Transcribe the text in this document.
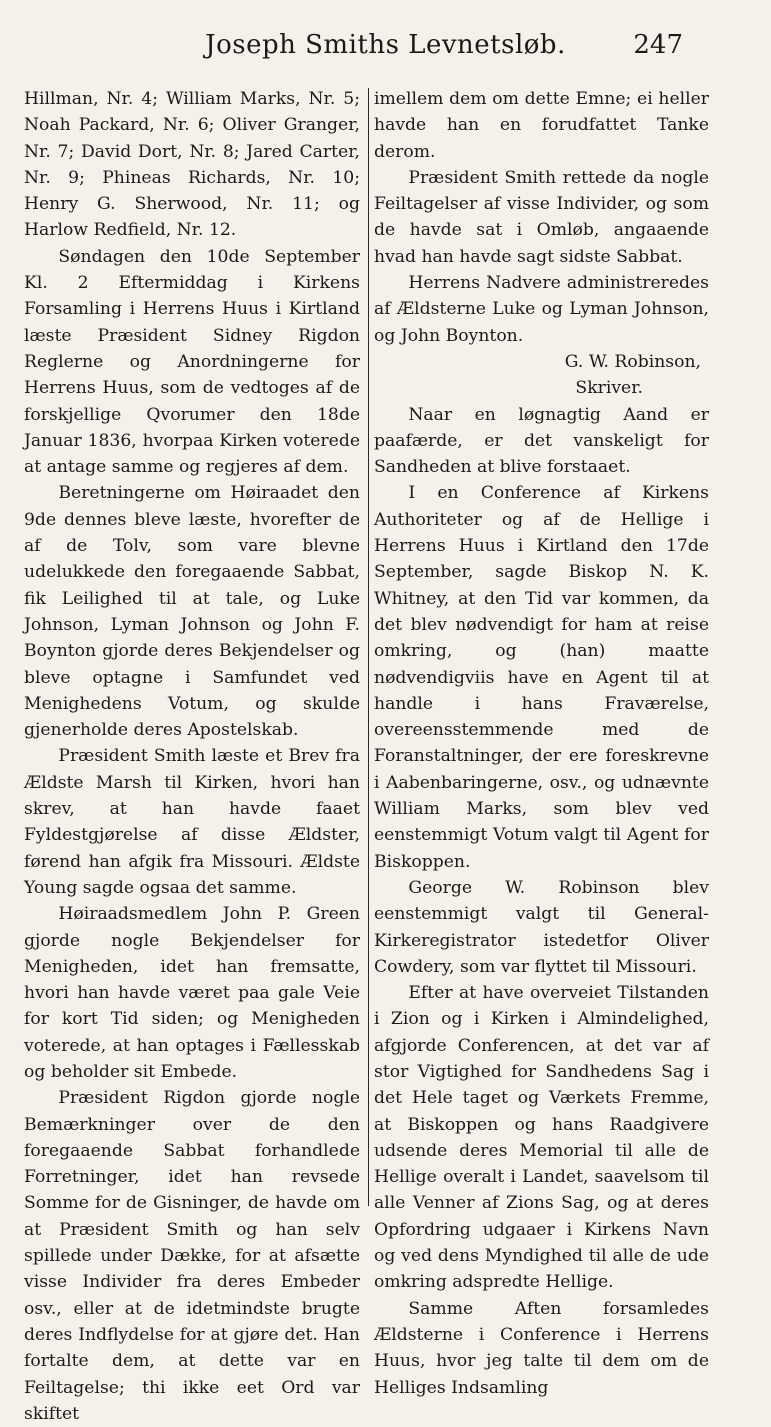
Joseph Smiths Levnetsløb.	247

Hillman, Nr. 4; William Marks, Nr. 5; Noah Packard, Nr. 6; Oliver Granger, Nr. 7; David Dort, Nr. 8; Jared Carter, Nr. 9; Phineas Richards, Nr. 10; Henry G. Sherwood, Nr. 11; og Harlow Redfield, Nr. 12.

Søndagen den 10de September Kl. 2 Eftermiddag i Kirkens Forsamling i Herrens Huus i Kirtland læste Præsident Sidney Rigdon Reglerne og Anordningerne for Herrens Huus, som de vedtoges af de forskjellige Qvorumer den 18de Januar 1836, hvorpaa Kirken voterede at antage samme og regjeres af dem.

Beretningerne om Høiraadet den 9de dennes bleve læste, hvorefter de af de Tolv, som vare blevne udelukkede den foregaaende Sabbat, fik Leilighed til at tale, og Luke Johnson, Lyman Johnson og John F. Boynton gjorde deres Bekjendelser og bleve optagne i Samfundet ved Menighedens Votum, og skulde gjenerholde deres Apostelskab.

Præsident Smith læste et Brev fra Ældste Marsh til Kirken, hvori han skrev, at han havde faaet Fyldestgjørelse af disse Ældster, førend han afgik fra Missouri. Ældste Young sagde ogsaa det samme.

Høiraadsmedlem John P. Green gjorde nogle Bekjendelser for Menigheden, idet han fremsatte, hvori han havde været paa gale Veie for kort Tid siden; og Menigheden voterede, at han optages i Fællesskab og beholder sit Embede.

Præsident Rigdon gjorde nogle Bemærkninger over de den foregaaende Sabbat forhandlede Forretninger, idet han revsede Somme for de Gisninger, de havde om at Præsident Smith og han selv spillede under Dække, for at afsætte visse Individer fra deres Embeder osv., eller at de idetmindste brugte deres Indflydelse for at gjøre det. Han fortalte dem, at dette var en Feiltagelse; thi ikke eet Ord var skiftet

imellem dem om dette Emne; ei heller havde han en forudfattet Tanke derom.

Præsident Smith rettede da nogle Feiltagelser af visse Individer, og som de havde sat i Omløb, angaaende hvad han havde sagt sidste Sabbat.

Herrens Nadvere administreredes af Ældsterne Luke og Lyman Johnson, og John Boynton.

G. W. Robinson,

Skriver.

Naar en løgnagtig Aand er paafærde, er det vanskeligt for Sandheden at blive forstaaet.

I en Conference af Kirkens Authoriteter og af de Hellige i Herrens Huus i Kirtland den 17de September, sagde Biskop N. K. Whitney, at den Tid var kommen, da det blev nødvendigt for ham at reise omkring, og (han) maatte nødvendigviis have en Agent til at handle i hans Fraværelse, overeensstemmende med de Foranstaltninger, der ere foreskrevne i Aabenbaringerne, osv., og udnævnte William Marks, som blev ved eenstemmigt Votum valgt til Agent for Biskoppen.

George W. Robinson blev eenstemmigt valgt til General-Kirkeregistrator istedetfor Oliver Cowdery, som var flyttet til Missouri.

Efter at have overveiet Tilstanden i Zion og i Kirken i Almindelighed, afgjorde Conferencen, at det var af stor Vigtighed for Sandhedens Sag i det Hele taget og Værkets Fremme, at Biskoppen og hans Raadgivere udsende deres Memorial til alle de Hellige overalt i Landet, saavelsom til alle Venner af Zions Sag, og at deres Opfordring udgaaer i Kirkens Navn og ved dens Myndighed til alle de ude omkring adspredte Hellige.

Samme Aften forsamledes Ældsterne i Conference i Herrens Huus, hvor jeg talte til dem om de Helliges Indsamling
